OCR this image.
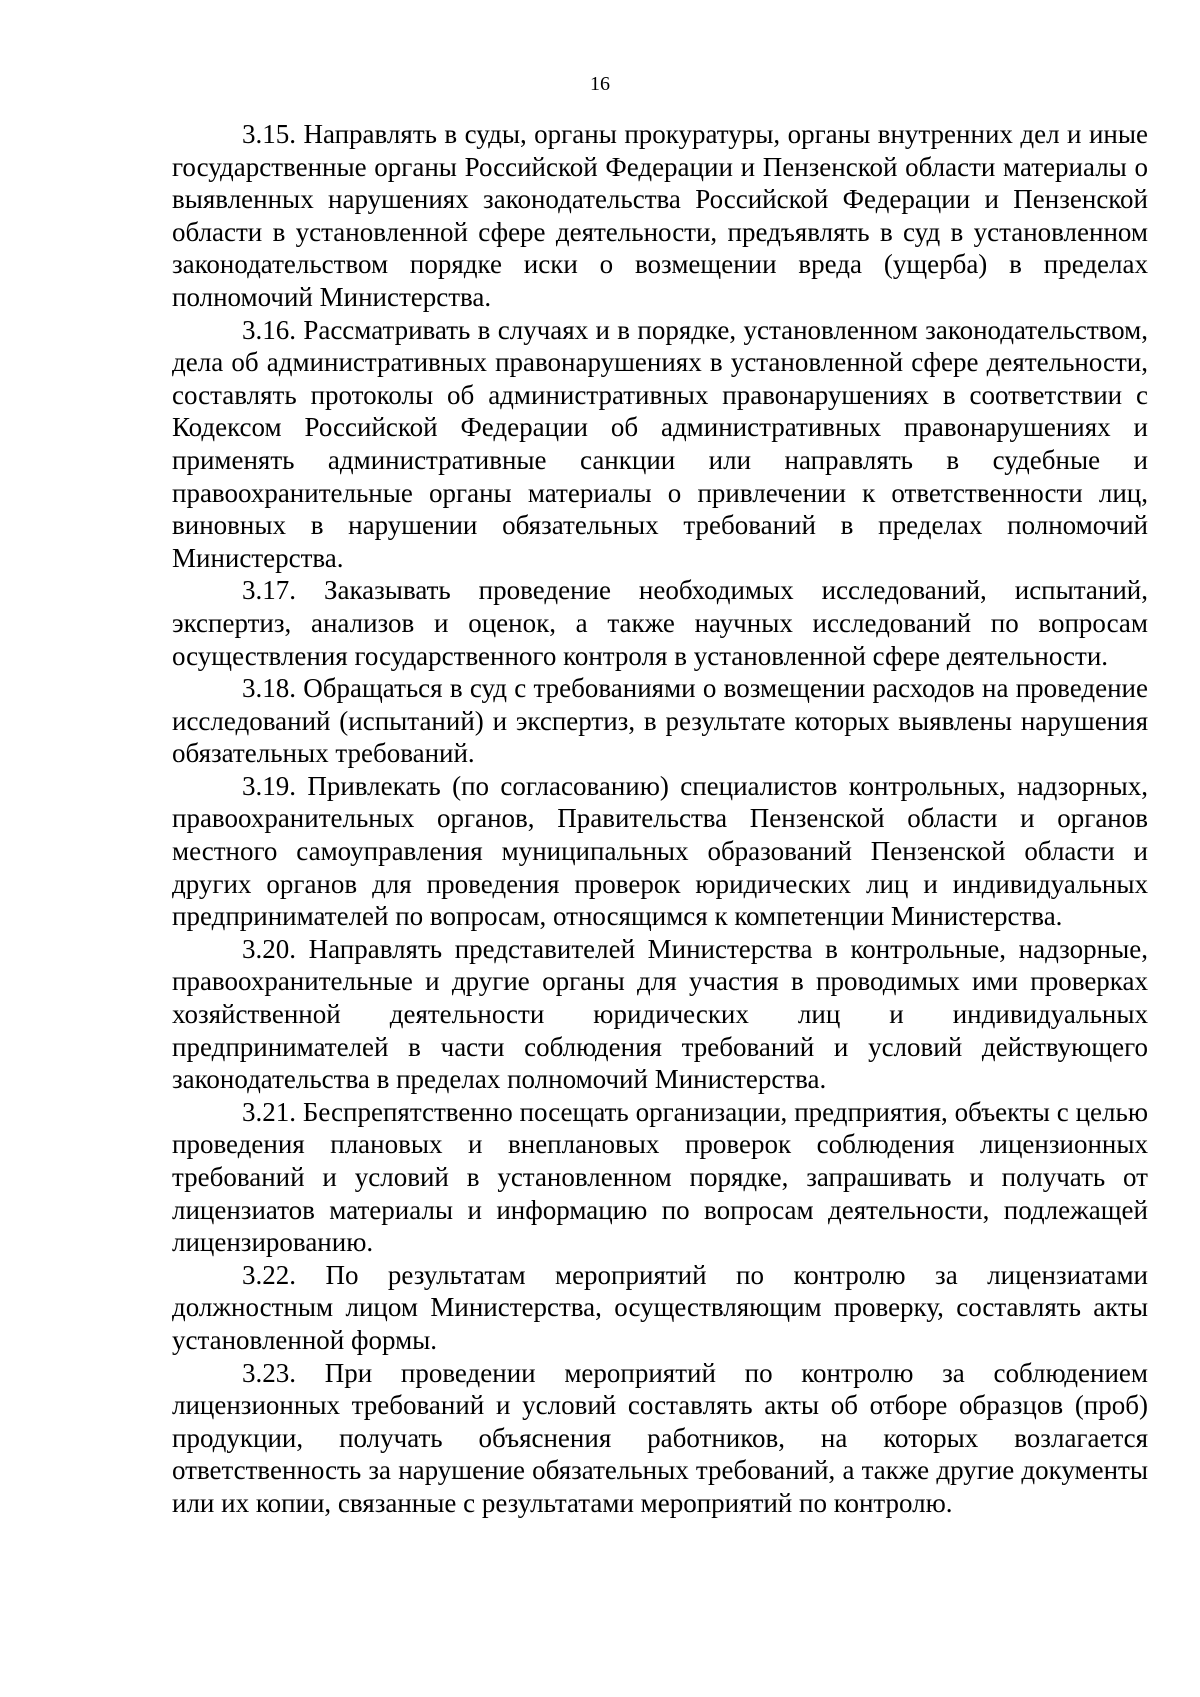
16

3.15. Направлять в суды, органы прокуратуры, органы внутренних дел и иные государственные органы Российской Федерации и Пензенской области материалы о выявленных нарушениях законодательства Российской Федерации и Пензенской области в установленной сфере деятельности, предъявлять в суд в установленном законодательством порядке иски о возмещении вреда (ущерба) в пределах полномочий Министерства.

3.16. Рассматривать в случаях и в порядке, установленном законодательством, дела об административных правонарушениях в установленной сфере деятельности, составлять протоколы об административных правонарушениях в соответствии с Кодексом Российской Федерации об административных правонарушениях и применять административные санкции или направлять в судебные и правоохранительные органы материалы о привлечении к ответственности лиц, виновных в нарушении обязательных требований в пределах полномочий Министерства.

3.17. Заказывать проведение необходимых исследований, испытаний, экспертиз, анализов и оценок, а также научных исследований по вопросам осуществления государственного контроля в установленной сфере деятельности.

3.18. Обращаться в суд с требованиями о возмещении расходов на проведение исследований (испытаний) и экспертиз, в результате которых выявлены нарушения обязательных требований.

3.19. Привлекать (по согласованию) специалистов контрольных, надзорных, правоохранительных органов, Правительства Пензенской области и органов местного самоуправления муниципальных образований Пензенской области и других органов для проведения проверок юридических лиц и индивидуальных предпринимателей по вопросам, относящимся к компетенции Министерства.

3.20. Направлять представителей Министерства в контрольные, надзорные, правоохранительные и другие органы для участия в проводимых ими проверках хозяйственной деятельности юридических лиц и индивидуальных предпринимателей в части соблюдения требований и условий действующего законодательства в пределах полномочий Министерства.

3.21. Беспрепятственно посещать организации, предприятия, объекты с целью проведения плановых и внеплановых проверок соблюдения лицензионных требований и условий в установленном порядке, запрашивать и получать от лицензиатов материалы и информацию по вопросам деятельности, подлежащей лицензированию.

3.22. По результатам мероприятий по контролю за лицензиатами должностным лицом Министерства, осуществляющим проверку, составлять акты установленной формы.

3.23. При проведении мероприятий по контролю за соблюдением лицензионных требований и условий составлять акты об отборе образцов (проб) продукции, получать объяснения работников, на которых возлагается ответственность за нарушение обязательных требований, а также другие документы или их копии, связанные с результатами мероприятий по контролю.
